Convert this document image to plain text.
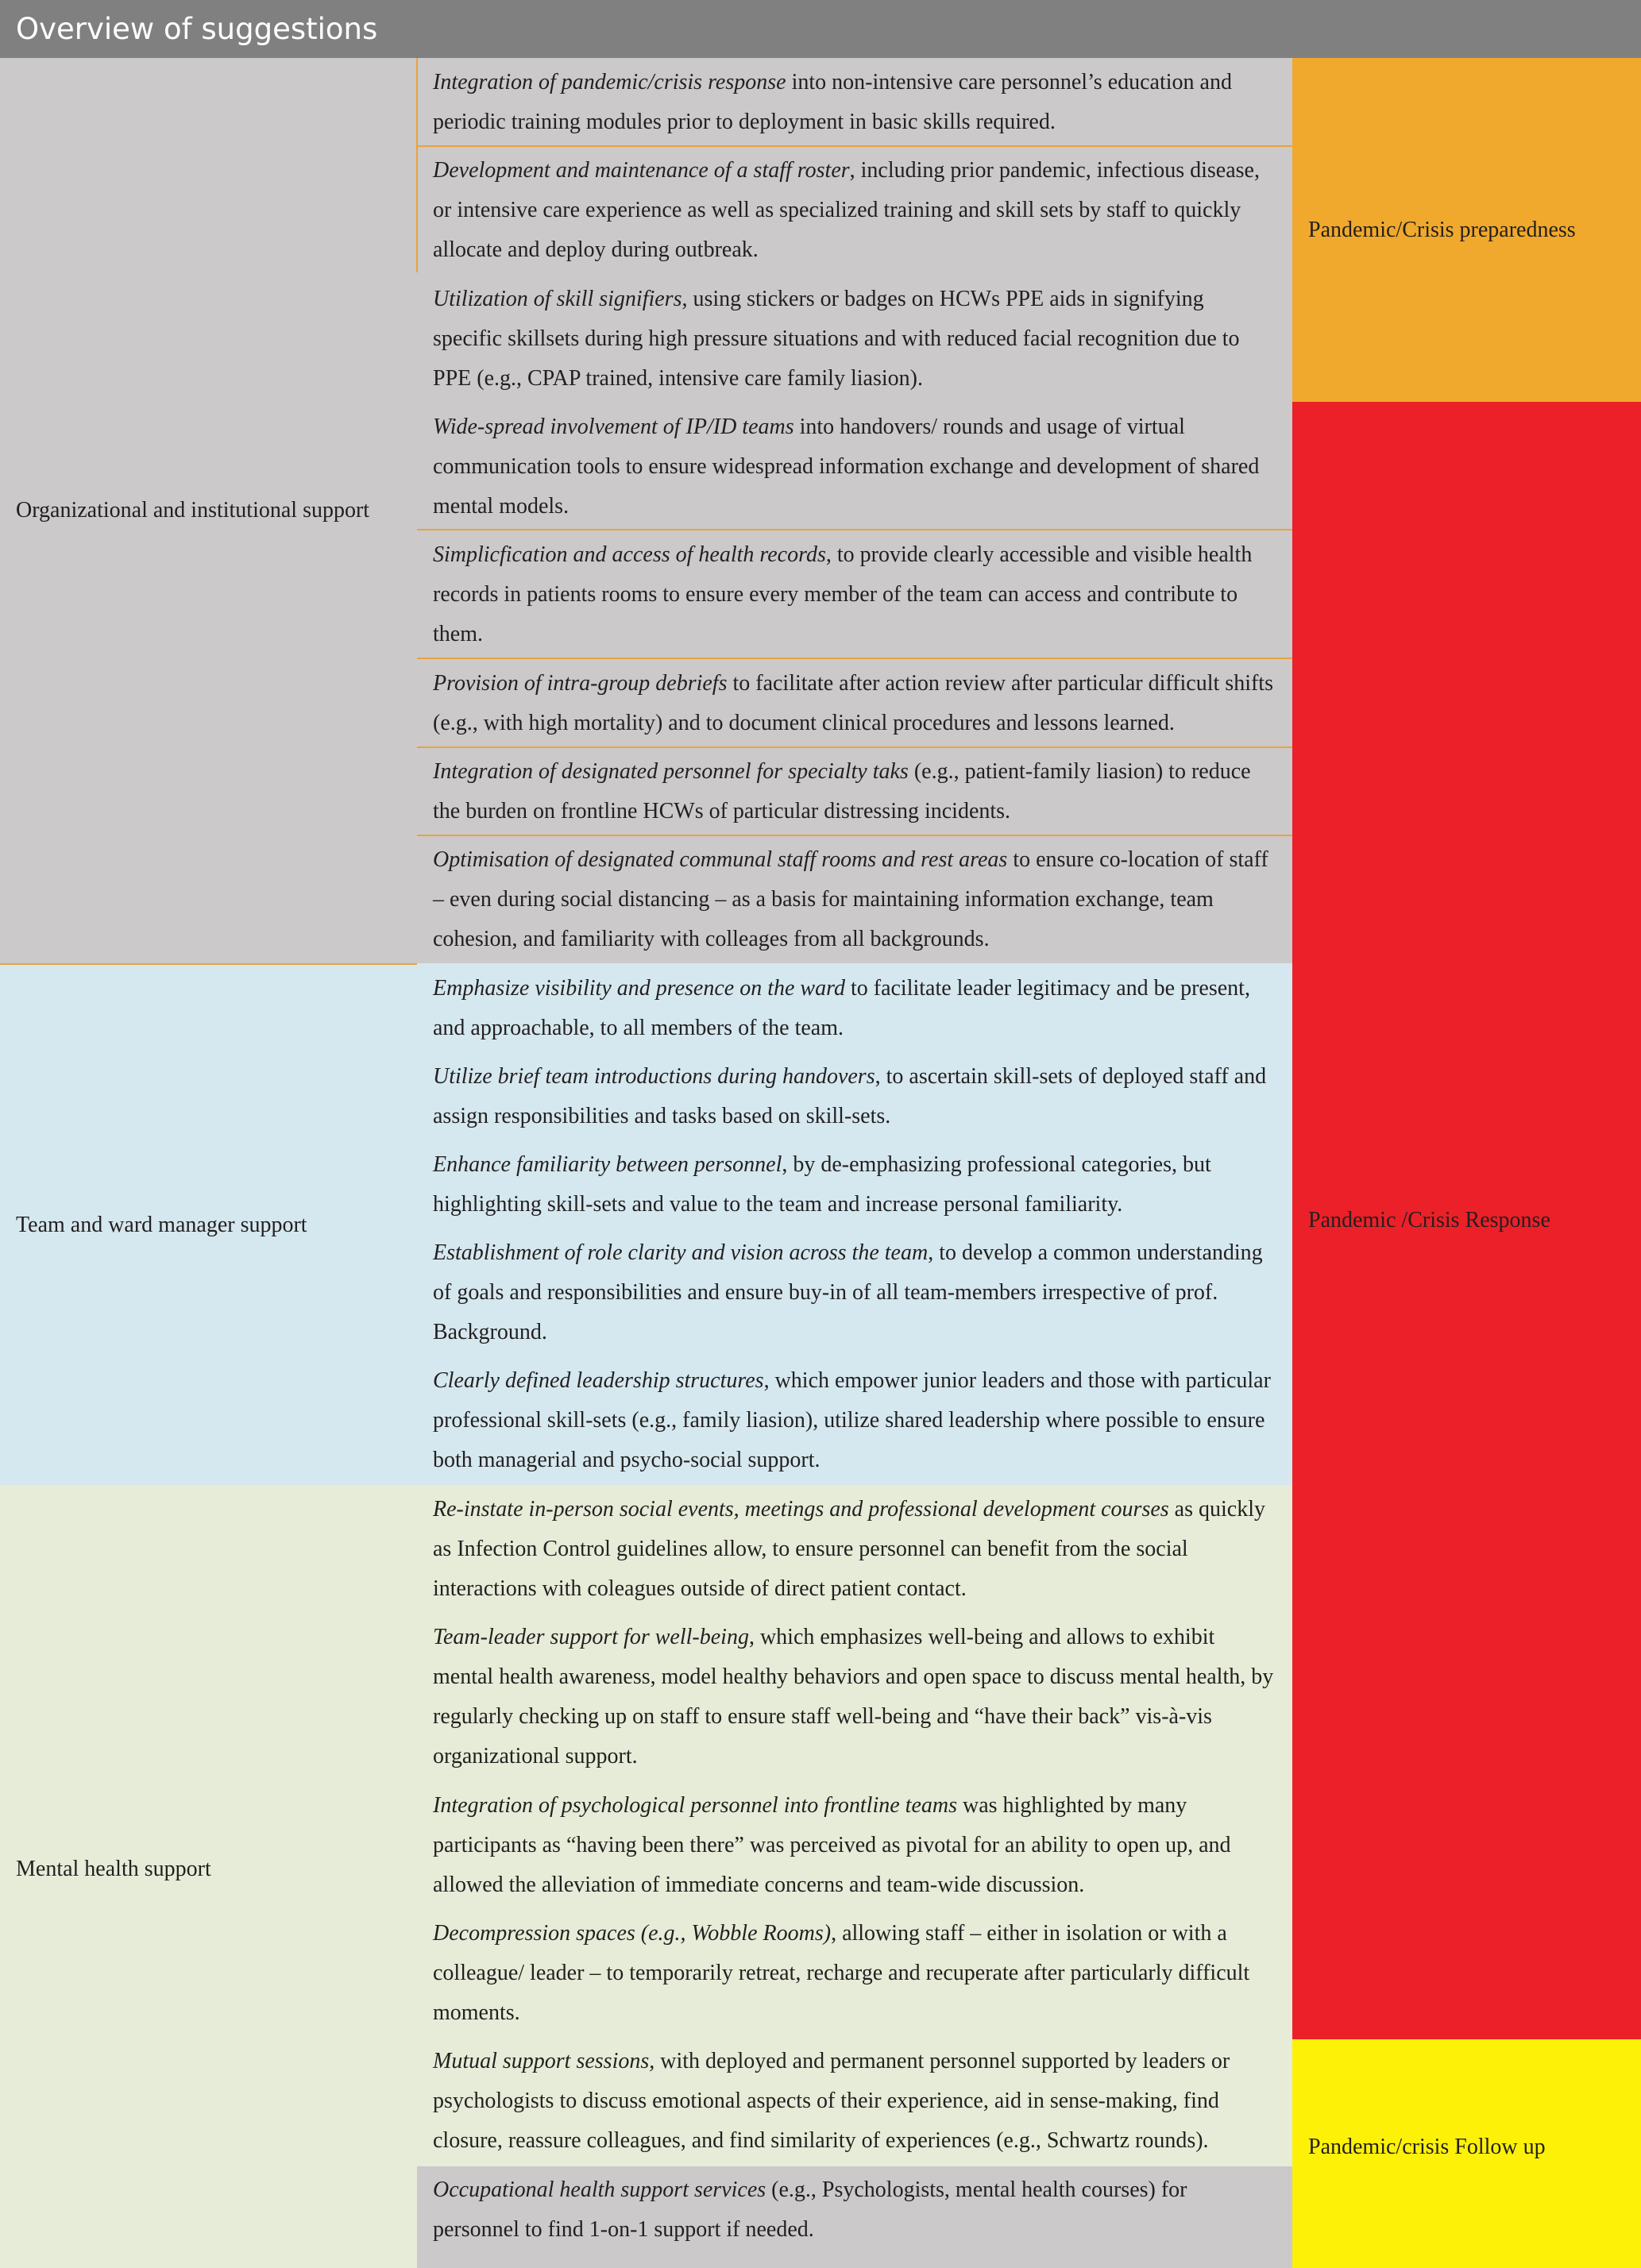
Overview of suggestions
Organizational and institutional support
Team and ward manager support
Mental health support
Pandemic/Crisis preparedness
Pandemic /Crisis Response
Pandemic/crisis Follow up

Integration of pandemic/crisis response into non-intensive care personnel’s education and periodic training modules prior to deployment in basic skills required.

Development and maintenance of a staff roster, including prior pandemic, infectious disease, or intensive care experience as well as specialized training and skill sets by staff to quickly allocate and deploy during outbreak.

Utilization of skill signifiers, using stickers or badges on HCWs PPE aids in signifying specific skillsets during high pressure situations and with reduced facial recognition due to PPE (e.g., CPAP trained, intensive care family liasion).

Wide-spread involvement of IP/ID teams into handovers/ rounds and usage of virtual communication tools to ensure widespread information exchange and development of shared mental models.

Simplicfication and access of health records, to provide clearly accessible and visible health records in patients rooms to ensure every member of the team can access and contribute to them.

Provision of intra-group debriefs to facilitate after action review after particular difficult shifts (e.g., with high mortality) and to document clinical procedures and lessons learned.

Integration of designated personnel for specialty taks (e.g., patient-family liasion) to reduce the burden on frontline HCWs of particular distressing incidents.

Optimisation of designated communal staff rooms and rest areas to ensure co-location of staff – even during social distancing – as a basis for maintaining information exchange, team cohesion, and familiarity with colleages from all backgrounds.

Emphasize visibility and presence on the ward to facilitate leader legitimacy and be present, and approachable, to all members of the team.

Utilize brief team introductions during handovers, to ascertain skill-sets of deployed staff and assign responsibilities and tasks based on skill-sets.

Enhance familiarity between personnel, by de-emphasizing professional categories, but highlighting skill-sets and value to the team and increase personal familiarity.

Establishment of role clarity and vision across the team, to develop a common understanding of goals and responsibilities and ensure buy-in of all team-members irrespective of prof. Background.

Clearly defined leadership structures, which empower junior leaders and those with particular professional skill-sets (e.g., family liasion), utilize shared leadership where possible to ensure both managerial and psycho-social support.

Re-instate in-person social events, meetings and professional development courses as quickly as Infection Control guidelines allow, to ensure personnel can benefit from the social interactions with coleagues outside of direct patient contact.

Team-leader support for well-being, which emphasizes well-being and allows to exhibit mental health awareness, model healthy behaviors and open space to discuss mental health, by regularly checking up on staff to ensure staff well-being and “have their back” vis-à-vis organizational support.

Integration of psychological personnel into frontline teams was highlighted by many participants as “having been there” was perceived as pivotal for an ability to open up, and allowed the alleviation of immediate concerns and team-wide discussion.

Decompression spaces (e.g., Wobble Rooms), allowing staff – either in isolation or with a colleague/ leader – to temporarily retreat, recharge and recuperate after particularly difficult moments.

Mutual support sessions, with deployed and permanent personnel supported by leaders or psychologists to discuss emotional aspects of their experience, aid in sense-making, find closure, reassure colleagues, and find similarity of experiences (e.g., Schwartz rounds).

Occupational health support services (e.g., Psychologists, mental health courses) for personnel to find 1-on-1 support if needed.
